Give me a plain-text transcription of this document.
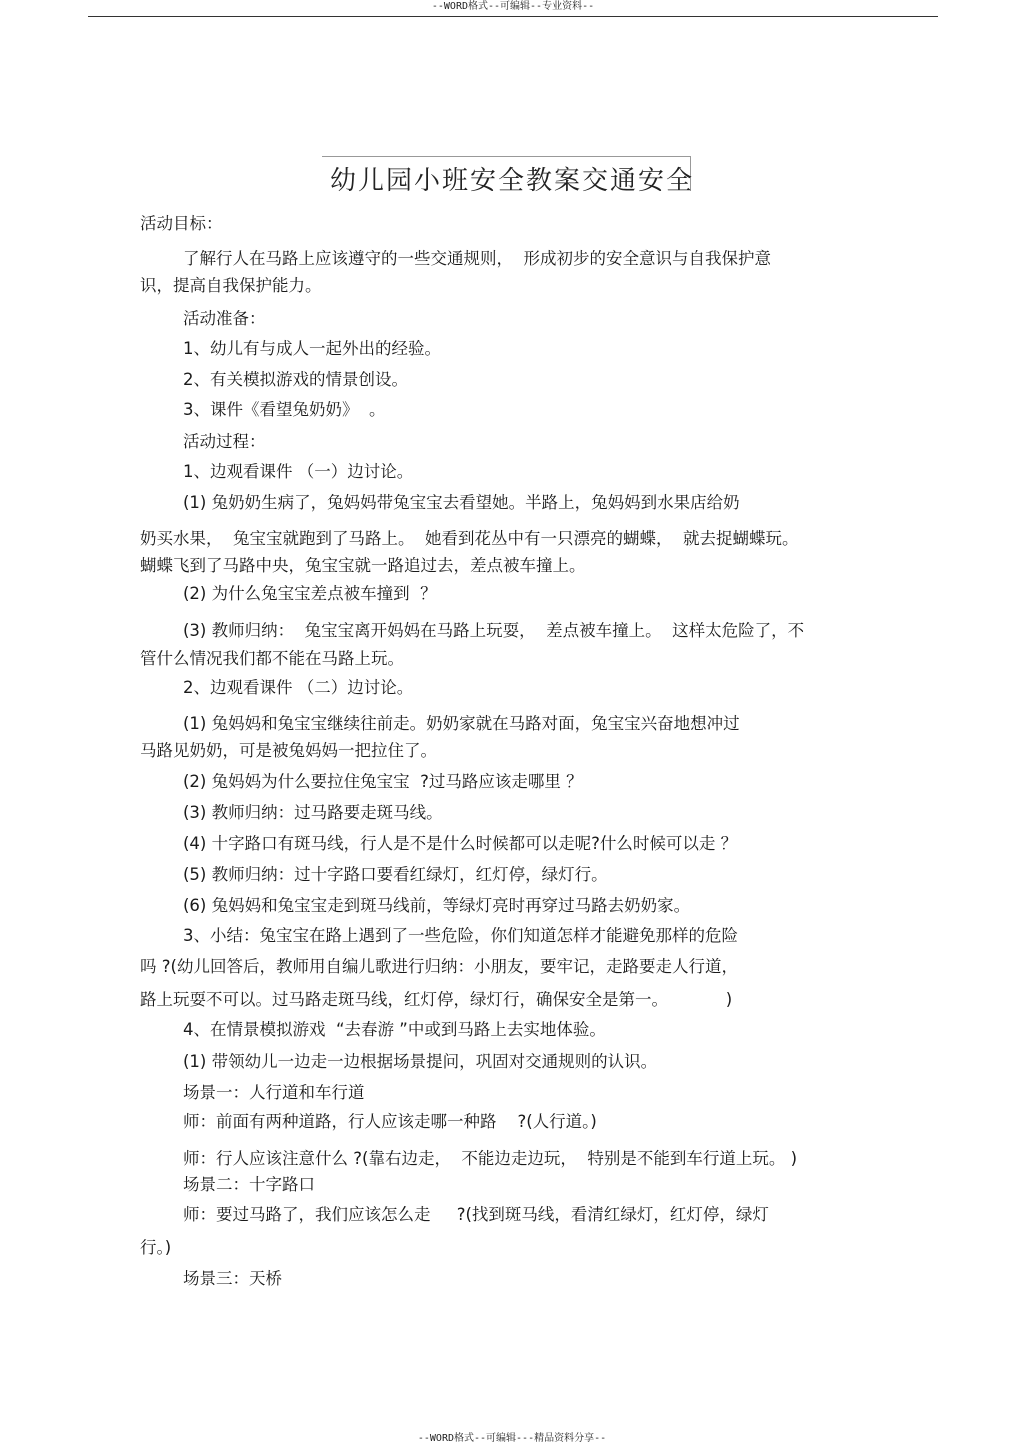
--WORD格式--可编辑--专业资料--
幼儿园小班安全教案交通安全
活动目标：
了解行人在马路上应该遵守的一些交通规则，  形成初步的安全意识与自我保护意
识，提高自我保护能力。
活动准备：
1、幼儿有与成人一起外出的经验。
2、有关模拟游戏的情景创设。
3、课件《看望兔奶奶》  。
活动过程：
1、边观看课件 （一）边讨论。
(1) 兔奶奶生病了，兔妈妈带兔宝宝去看望她。半路上，兔妈妈到水果店给奶
奶买水果，  兔宝宝就跑到了马路上。  她看到花丛中有一只漂亮的蝴蝶，  就去捉蝴蝶玩。
蝴蝶飞到了马路中央，兔宝宝就一路追过去，差点被车撞上。
(2) 为什么兔宝宝差点被车撞到  ？
(3) 教师归纳：  兔宝宝离开妈妈在马路上玩耍，  差点被车撞上。  这样太危险了，不
管什么情况我们都不能在马路上玩。
2、边观看课件 （二）边讨论。
(1) 兔妈妈和兔宝宝继续往前走。奶奶家就在马路对面，兔宝宝兴奋地想冲过
马路见奶奶，可是被兔妈妈一把拉住了。
(2) 兔妈妈为什么要拉住兔宝宝  ?过马路应该走哪里 ？
(3) 教师归纳：过马路要走斑马线。
(4) 十字路口有斑马线，行人是不是什么时候都可以走呢?什么时候可以走 ？
(5) 教师归纳：过十字路口要看红绿灯，红灯停，绿灯行。
(6) 兔妈妈和兔宝宝走到斑马线前，等绿灯亮时再穿过马路去奶奶家。
3、小结：兔宝宝在路上遇到了一些危险，你们知道怎样才能避免那样的危险
吗 ?(幼儿回答后，教师用自编儿歌进行归纳：小朋友，要牢记，走路要走人行道，
路上玩耍不可以。过马路走斑马线，红灯停，绿灯行，确保安全是第一。           )
4、在情景模拟游戏  “去春游 ”中或到马路上去实地体验。
(1) 带领幼儿一边走一边根据场景提问，巩固对交通规则的认识。
场景一：人行道和车行道
师：前面有两种道路，行人应该走哪一种路    ?(人行道。)
师：行人应该注意什么 ?(靠右边走，  不能边走边玩，  特别是不能到车行道上玩。 )
场景二：十字路口
师：要过马路了，我们应该怎么走     ?(找到斑马线，看清红绿灯，红灯停，绿灯
行。)
场景三：天桥
--WORD格式--可编辑---精品资料分享--
